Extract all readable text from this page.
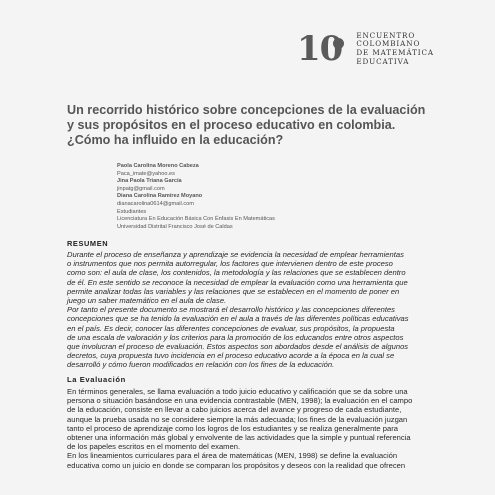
10 ENCUENTRO
COLOMBIANO
DE MATEMÁTICA
EDUCATIVA
Un recorrido histórico sobre concepciones de la evaluación
y sus propósitos en el proceso educativo en colombia.
¿Cómo ha influido en la educación?
Paola Carolina Moreno Cabeza
Paca_imate@yahoo.es
Jina Paola Triana García
jinpatg@gmail.com
Diana Carolina Ramírez Moyano
dianacarolina0614@gmail.com
Estudiantes
Licenciatura En Educación Básica Con Énfasis En Matemáticas
Universidad Distrital Francisco José de Caldas
RESUMEN
Durante el proceso de enseñanza y aprendizaje se evidencia la necesidad de emplear herramientas
o instrumentos que nos permita autorregular, los factores que intervienen dentro de este proceso
como son: el aula de clase, los contenidos, la metodología y las relaciones que se establecen dentro
de él. En este sentido se reconoce la necesidad de emplear la evaluación como una herramienta que
permite analizar todas las variables y las relaciones que se establecen en el momento de poner en
juego un saber matemático en el aula de clase.
Por tanto el presente documento se mostrará el desarrollo histórico y las concepciones diferentes
concepciones que se ha tenido la evaluación en el aula a través de las diferentes políticas educativas
en el país. Es decir, conocer las diferentes concepciones de evaluar, sus propósitos, la propuesta
de una escala de valoración y los criterios para la promoción de los educandos entre otros aspectos
que involucran el proceso de evaluación. Estos aspectos son abordados desde el análisis de algunos
decretos, cuya propuesta tuvo incidencia en el proceso educativo acorde a la época en la cual se
desarrolló y cómo fueron modificados en relación con los fines de la educación.
La Evaluación
En términos generales, se llama evaluación a todo juicio educativo y calificación que se da sobre una
persona o situación basándose en una evidencia contrastable (MEN, 1998); la evaluación en el campo
de la educación, consiste en llevar a cabo juicios acerca del avance y progreso de cada estudiante,
aunque la prueba usada no se considere siempre la más adecuada; los fines de la evaluación juzgan
tanto el proceso de aprendizaje como los logros de los estudiantes y se realiza generalmente para
obtener una información más global y envolvente de las actividades que la simple y puntual referencia
de los papeles escritos en el momento del examen.
En los lineamientos curriculares para el área de matemáticas (MEN, 1998) se define la evaluación
educativa como un juicio en donde se comparan los propósitos y deseos con la realidad que ofrecen
